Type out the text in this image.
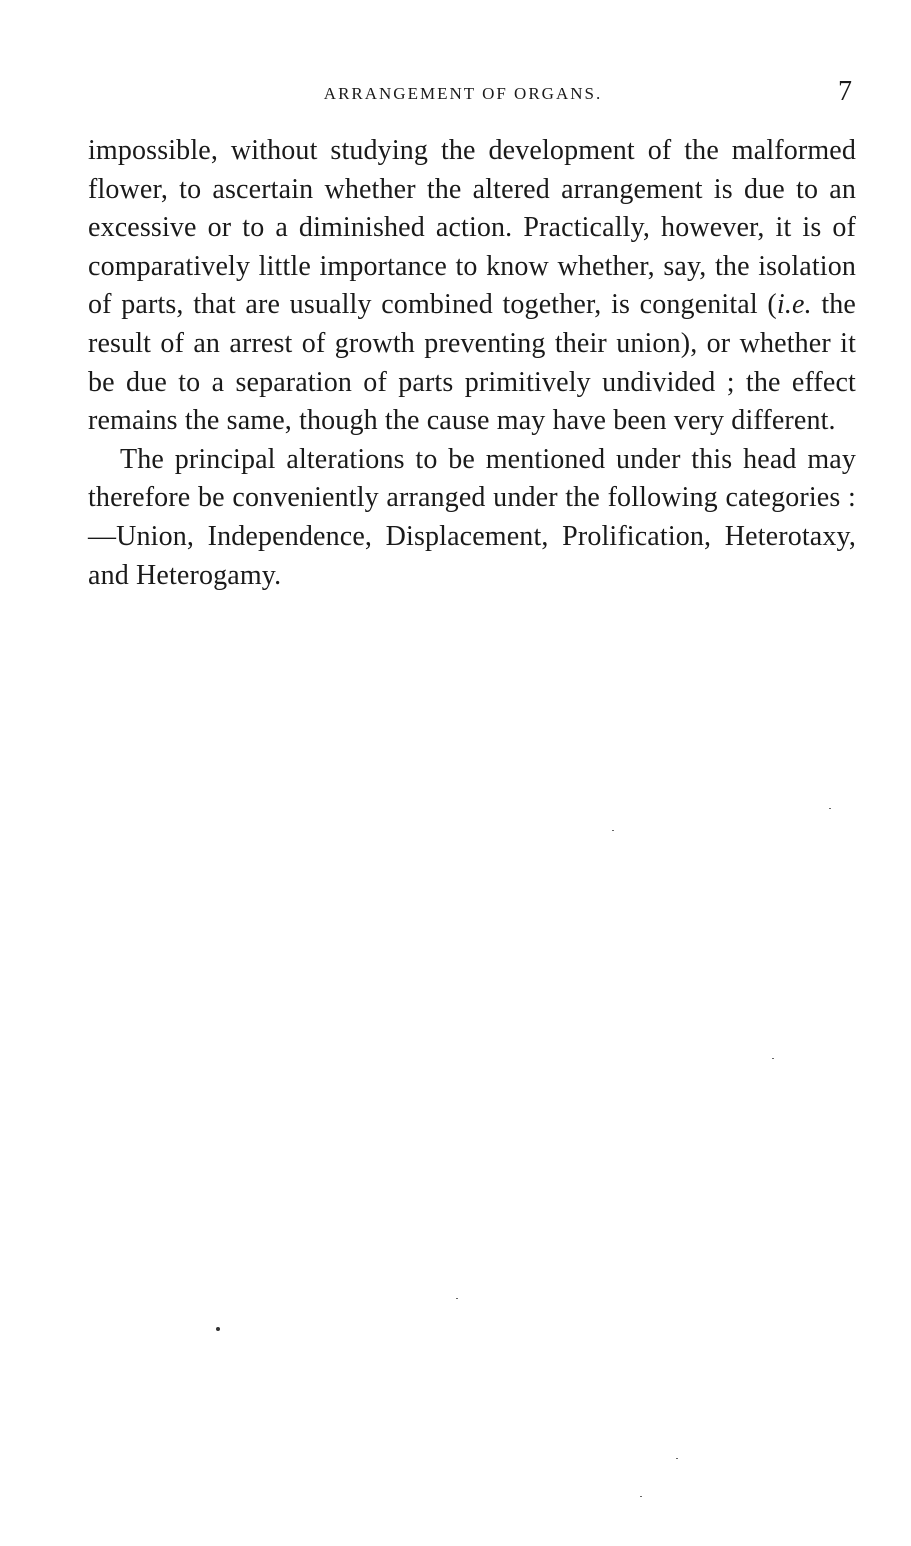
ARRANGEMENT OF ORGANS.	7

impossible, without studying the development of the malformed flower, to ascertain whether the altered arrangement is due to an excessive or to a diminished action. Practically, however, it is of comparatively little importance to know whether, say, the isolation of parts, that are usually combined together, is congenital (i.e. the result of an arrest of growth preventing their union), or whether it be due to a separation of parts primitively undivided ; the effect remains the same, though the cause may have been very different.

The principal alterations to be mentioned under this head may therefore be conveniently arranged under the following categories :—Union, Independence, Displacement, Prolification, Heterotaxy, and Heterogamy.
